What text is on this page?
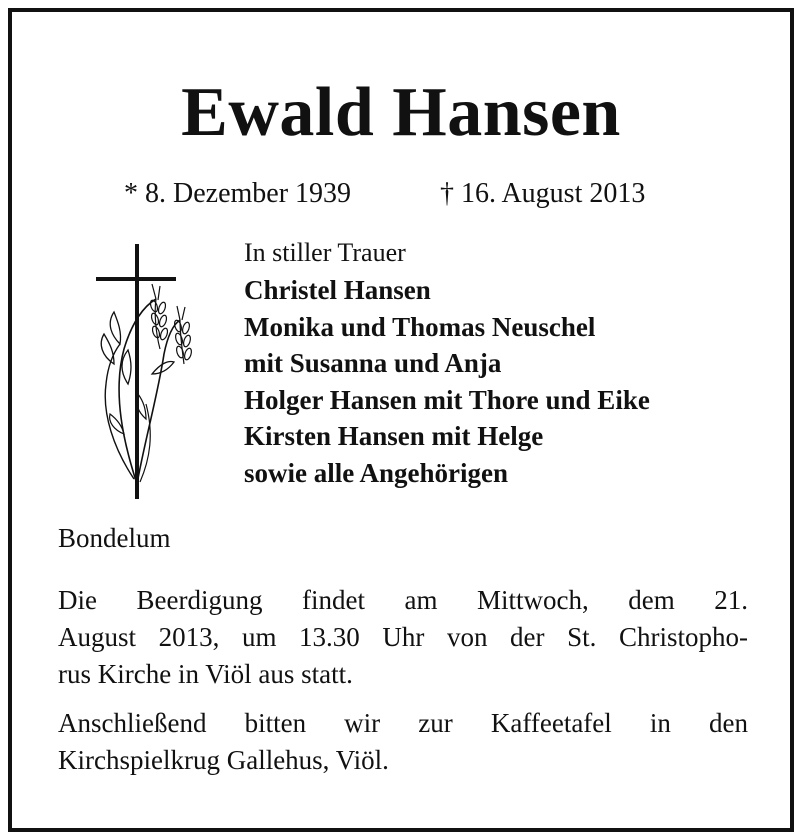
Ewald Hansen
* 8. Dezember 1939	† 16. August 2013
In stiller Trauer
Christel Hansen
Monika und Thomas Neuschel
mit Susanna und Anja
Holger Hansen mit Thore und Eike
Kirsten Hansen mit Helge
sowie alle Angehörigen
Bondelum
Die Beerdigung findet am Mittwoch, dem 21.
August 2013, um 13.30 Uhr von der St. Christopho-
rus Kirche in Viöl aus statt.
Anschließend bitten wir zur Kaffeetafel in den
Kirchspielkrug Gallehus, Viöl.
